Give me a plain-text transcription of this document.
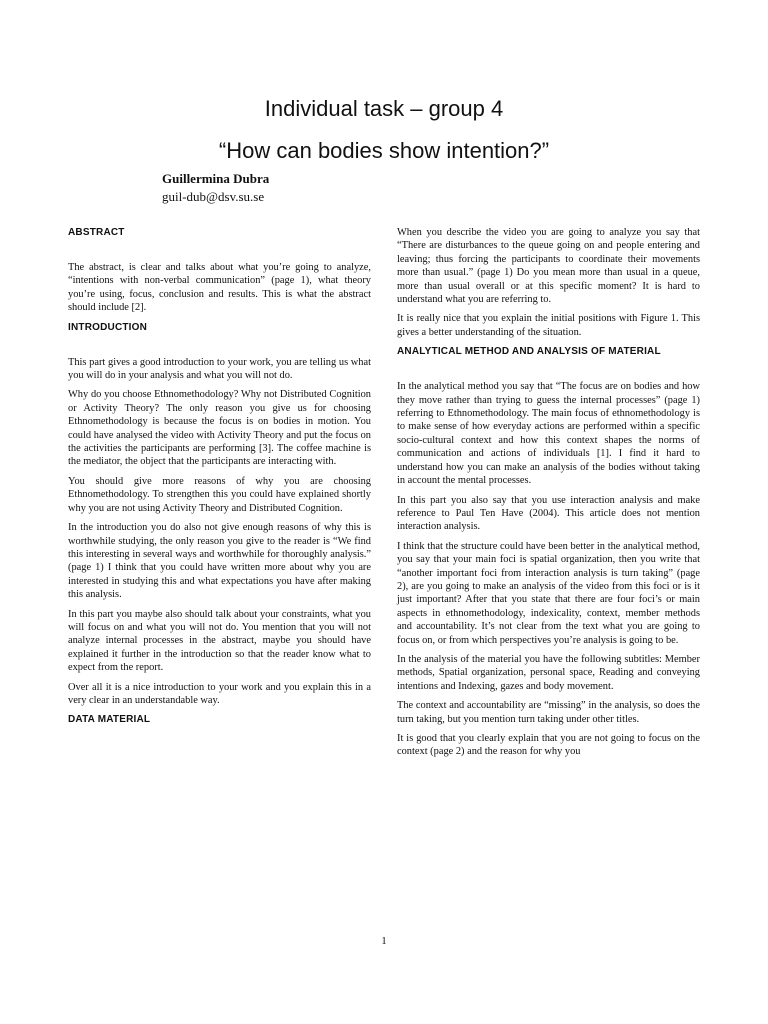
Individual task – group 4
“How can bodies show intention?”
Guillermina Dubra
guil-dub@dsv.su.se
ABSTRACT

The abstract, is clear and talks about what you’re going to analyze, “intentions with non-verbal communication” (page 1), what theory you’re using, focus, conclusion and results. This is what the abstract should include [2].

INTRODUCTION

This part gives a good introduction to your work, you are telling us what you will do in your analysis and what you will not do.

Why do you choose Ethnomethodology? Why not Distributed Cognition or Activity Theory? The only reason you give us for choosing Ethnomethodology is because the focus is on bodies in motion. You could have analysed the video with Activity Theory and put the focus on the activities the participants are performing [3]. The coffee machine is the mediator, the object that the participants are interacting with.

You should give more reasons of why you are choosing Ethnomethodology. To strengthen this you could have explained shortly why you are not using Activity Theory and Distributed Cognition.

In the introduction you do also not give enough reasons of why this is worthwhile studying, the only reason you give to the reader is “We find this interesting in several ways and worthwhile for thoroughly analysis.” (page 1) I think that you could have written more about why you are interested in studying this and what expectations you have after making this analysis.

In this part you maybe also should talk about your constraints, what you will focus on and what you will not do. You mention that you will not analyze internal processes in the abstract, maybe you should have explained it further in the introduction so that the reader know what to expect from the report.

Over all it is a nice introduction to your work and you explain this in a very clear in an understandable way.

DATA MATERIAL

When you describe the video you are going to analyze you say that “There are disturbances to the queue going on and people entering and leaving; thus forcing the participants to coordinate their movements more than usual.” (page 1) Do you mean more than usual in a queue, more than usual overall or at this specific moment? It is hard to understand what you are referring to.

It is really nice that you explain the initial positions with Figure 1. This gives a better understanding of the situation.

ANALYTICAL METHOD AND ANALYSIS OF MATERIAL

In the analytical method you say that “The focus are on bodies and how they move rather than trying to guess the internal processes” (page 1) referring to Ethnomethodology. The main focus of ethnomethodology is to make sense of how everyday actions are performed within a specific socio-cultural context and how this context shapes the norms of communication and actions of individuals [1]. I find it hard to understand how you can make an analysis of the bodies without taking in account the mental processes.

In this part you also say that you use interaction analysis and make reference to Paul Ten Have (2004). This article does not mention interaction analysis.

I think that the structure could have been better in the analytical method, you say that your main foci is spatial organization, then you write that “another important foci from interaction analysis is turn taking” (page 2), are you going to make an analysis of the video from this foci or is it just important? After that you state that there are four foci’s or main aspects in ethnomethodology, indexicality, context, member methods and accountability. It’s not clear from the text what you are going to focus on, or from which perspectives you’re analysis is going to be.

In the analysis of the material you have the following subtitles: Member methods, Spatial organization, personal space, Reading and conveying intentions and Indexing, gazes and body movement.

The context and accountability are “missing” in the analysis, so does the turn taking, but you mention turn taking under other titles.

It is good that you clearly explain that you are not going to focus on the context (page 2) and the reason for why you

1
